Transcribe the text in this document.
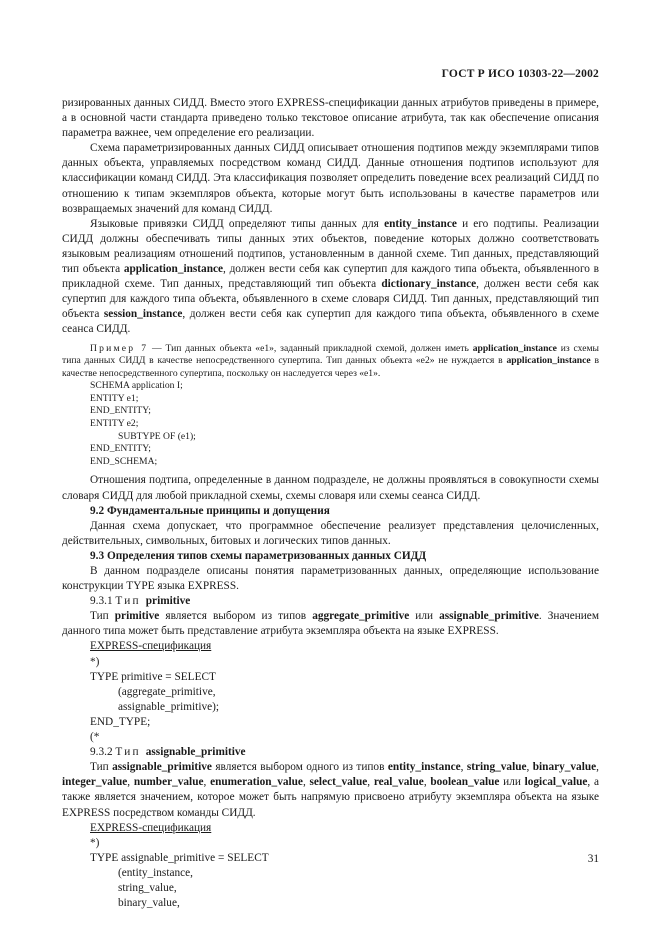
ГОСТ Р ИСО 10303-22—2002

ризированных данных СИДД. Вместо этого EXPRESS-спецификации данных атрибутов приведены в примере, а в основной части стандарта приведено только текстовое описание атрибута, так как обеспечение описания параметра важнее, чем определение его реализации.

Схема параметризированных данных СИДД описывает отношения подтипов между экземплярами типов данных объекта, управляемых посредством команд СИДД. Данные отношения подтипов используют для классификации команд СИДД. Эта классификация позволяет определить поведение всех реализаций СИДД по отношению к типам экземпляров объекта, которые могут быть использованы в качестве параметров или возвращаемых значений для команд СИДД.

Языковые привязки СИДД определяют типы данных для entity_instance и его подтипы. Реализации СИДД должны обеспечивать типы данных этих объектов, поведение которых должно соответствовать языковым реализациям отношений подтипов, установленным в данной схеме. Тип данных, представляющий тип объекта application_instance, должен вести себя как супертип для каждого типа объекта, объявленного в прикладной схеме. Тип данных, представляющий тип объекта dictionary_instance, должен вести себя как супертип для каждого типа объекта, объявленного в схеме словаря СИДД. Тип данных, представляющий тип объекта session_instance, должен вести себя как супертип для каждого типа объекта, объявленного в схеме сеанса СИДД.

Пример 7 — Тип данных объекта «e1», заданный прикладной схемой, должен иметь application_instance из схемы типа данных СИДД в качестве непосредственного супертипа. Тип данных объекта «e2» не нуждается в application_instance в качестве непосредственного супертипа, поскольку он наследуется через «e1».

SCHEMA application I;
ENTITY e1;
END_ENTITY;
ENTITY e2;
SUBTYPE OF (e1);
END_ENTITY;
END_SCHEMA;

Отношения подтипа, определенные в данном подразделе, не должны проявляться в совокупности схемы словаря СИДД для любой прикладной схемы, схемы словаря или схемы сеанса СИДД.

9.2 Фундаментальные принципы и допущения

Данная схема допускает, что программное обеспечение реализует представления целочисленных, действительных, символьных, битовых и логических типов данных.

9.3 Определения типов схемы параметризованных данных СИДД

В данном подразделе описаны понятия параметризованных данных, определяющие использование конструкции TYPE языка EXPRESS.

9.3.1 Тип primitive

Тип primitive является выбором из типов aggregate_primitive или assignable_primitive. Значением данного типа может быть представление атрибута экземпляра объекта на языке EXPRESS.

EXPRESS-спецификация
*)
TYPE primitive = SELECT
(aggregate_primitive,
assignable_primitive);
END_TYPE;
(*

9.3.2 Тип assignable_primitive

Тип assignable_primitive является выбором одного из типов entity_instance, string_value, binary_value, integer_value, number_value, enumeration_value, select_value, real_value, boolean_value или logical_value, а также является значением, которое может быть напрямую присвоено атрибуту экземпляра объекта на языке EXPRESS посредством команды СИДД.

EXPRESS-спецификация
*)
TYPE assignable_primitive = SELECT
(entity_instance,
string_value,
binary_value,
31
